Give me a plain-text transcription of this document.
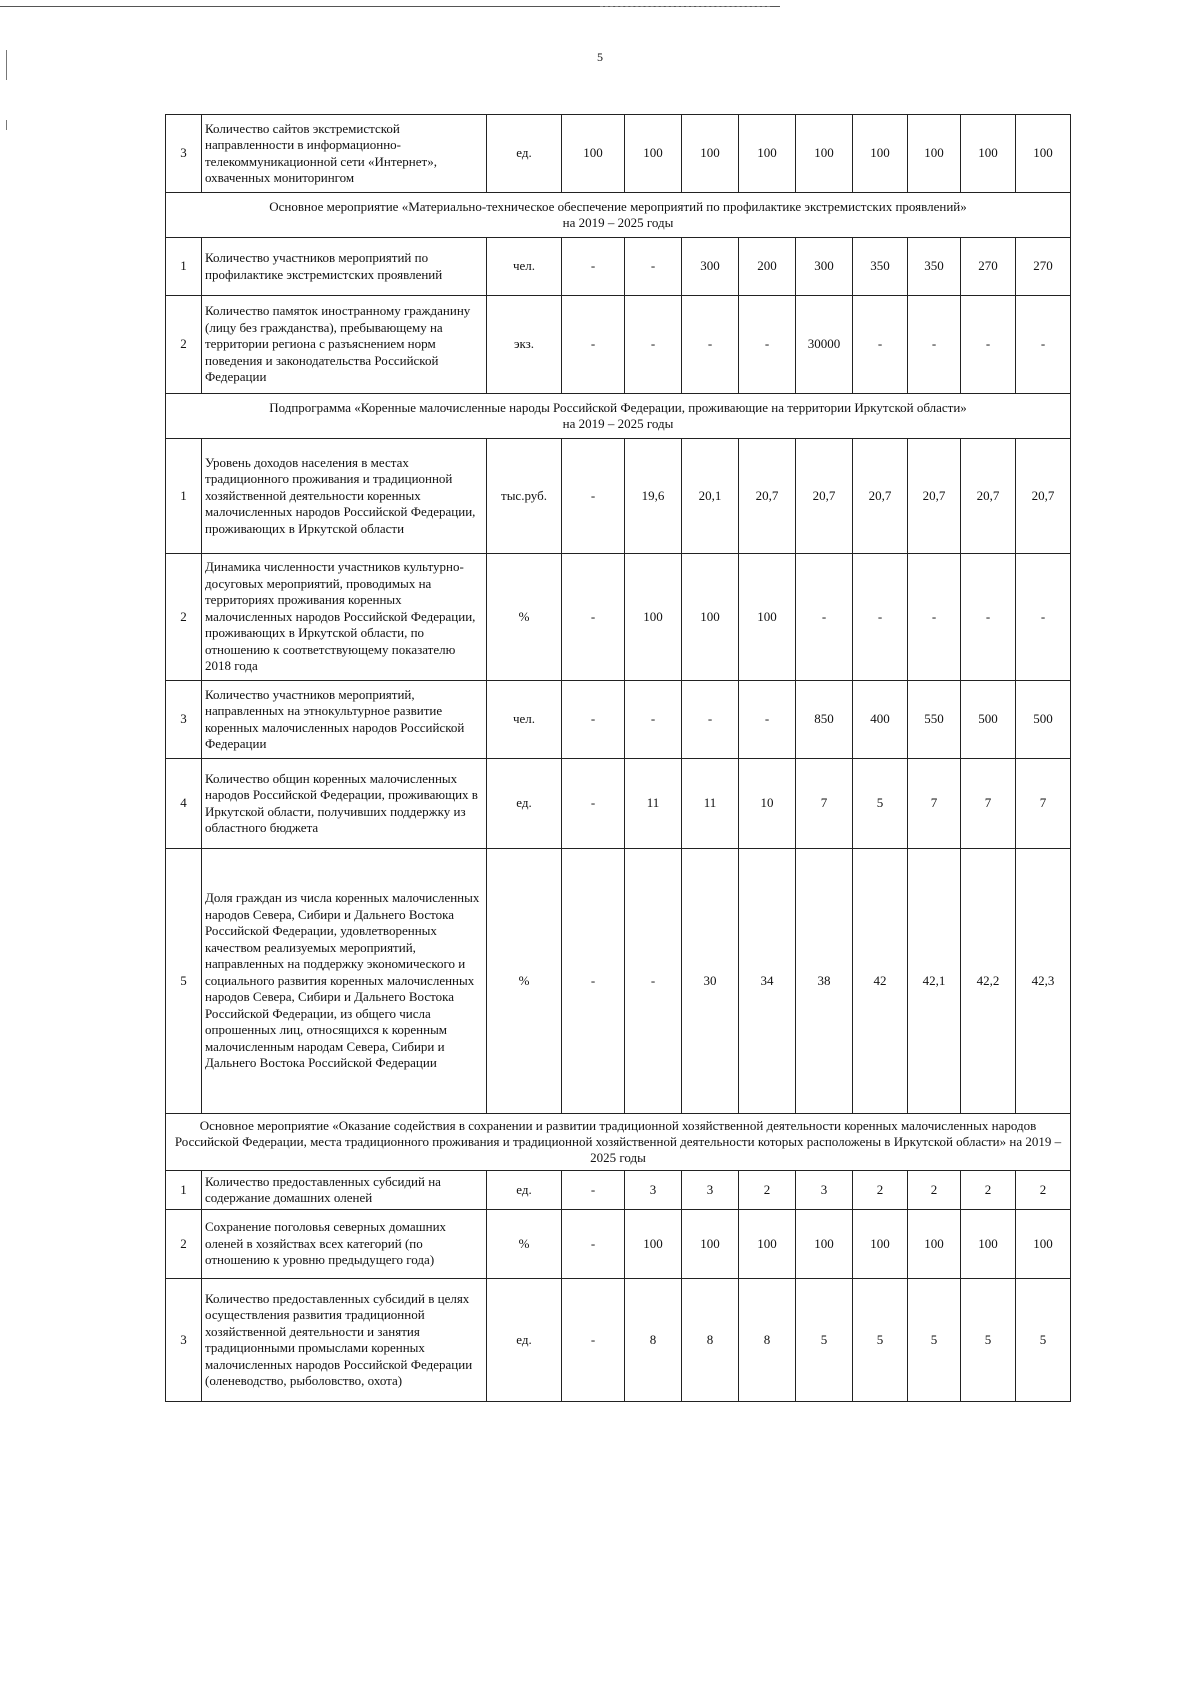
5
3	Количество сайтов экстремистской направленности в информационно-телекоммуникационной сети «Интернет», охваченных мониторингом	ед.	100	100	100	100	100	100	100	100	100

Основное мероприятие «Материально-техническое обеспечение мероприятий по профилактике экстремистских проявлений»
на 2019 – 2025 годы											

1	Количество участников мероприятий по профилактике экстремистских проявлений	чел.	-	-	300	200	300	350	350	270	270
2	Количество памяток иностранному гражданину (лицу без гражданства), пребывающему на территории региона с разъяснением норм поведения и законодательства Российской Федерации	экз.	-	-	-	-	30000	-	-	-	-

Подпрограмма «Коренные малочисленные народы Российской Федерации, проживающие на территории Иркутской области»
на 2019 – 2025 годы											

1	Уровень доходов населения в местах традиционного проживания и традиционной хозяйственной деятельности коренных малочисленных народов Российской Федерации, проживающих в Иркутской области	тыс.руб.	-	19,6	20,1	20,7	20,7	20,7	20,7	20,7	20,7
2	Динамика численности участников культурно-досуговых мероприятий, проводимых на территориях проживания коренных малочисленных народов Российской Федерации, проживающих в Иркутской области, по отношению к соответствующему показателю 2018 года	%	-	100	100	100	-	-	-	-	-
3	Количество участников мероприятий, направленных на этнокультурное развитие коренных малочисленных народов Российской Федерации	чел.	-	-	-	-	850	400	550	500	500
4	Количество общин коренных малочисленных народов Российской Федерации, проживающих в Иркутской области, получивших поддержку из областного бюджета	ед.	-	11	11	10	7	5	7	7	7
5	Доля граждан из числа коренных малочисленных народов Севера, Сибири и Дальнего Востока Российской Федерации, удовлетворенных качеством реализуемых мероприятий, направленных на поддержку экономического и социального развития коренных малочисленных народов Севера, Сибири и Дальнего Востока Российской Федерации, из общего числа опрошенных лиц, относящихся к коренным малочисленным народам Севера, Сибири и Дальнего Востока Российской Федерации	%	-	-	30	34	38	42	42,1	42,2	42,3

Основное мероприятие «Оказание содействия в сохранении и развитии традиционной хозяйственной деятельности коренных малочисленных народов Российской Федерации, места традиционного проживания и традиционной хозяйственной деятельности которых расположены в Иркутской области» на 2019 – 2025 годы											

1	Количество предоставленных субсидий на содержание домашних оленей	ед.	-	3	3	2	3	2	2	2	2
2	Сохранение поголовья северных домашних оленей в хозяйствах всех категорий (по отношению к уровню предыдущего года)	%	-	100	100	100	100	100	100	100	100
3	Количество предоставленных субсидий в целях осуществления развития традиционной хозяйственной деятельности и занятия традиционными промыслами коренных малочисленных народов Российской Федерации (оленеводство, рыболовство, охота)	ед.	-	8	8	8	5	5	5	5	5
